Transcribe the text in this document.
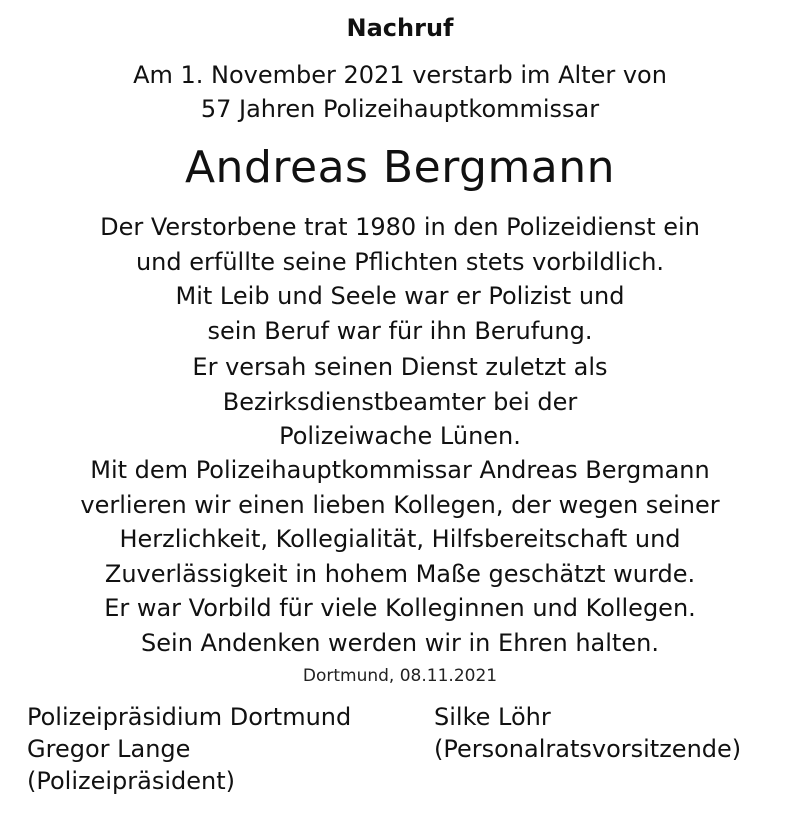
Nachruf
Am 1. November 2021 verstarb im Alter von
57 Jahren Polizeihauptkommissar
Andreas Bergmann
Der Verstorbene trat 1980 in den Polizeidienst ein
und erfüllte seine Pflichten stets vorbildlich.
Mit Leib und Seele war er Polizist und
sein Beruf war für ihn Berufung.
Er versah seinen Dienst zuletzt als
Bezirksdienstbeamter bei der
Polizeiwache Lünen.
Mit dem Polizeihauptkommissar Andreas Bergmann
verlieren wir einen lieben Kollegen, der wegen seiner
Herzlichkeit, Kollegialität, Hilfsbereitschaft und
Zuverlässigkeit in hohem Maße geschätzt wurde.
Er war Vorbild für viele Kolleginnen und Kollegen.
Sein Andenken werden wir in Ehren halten.
Dortmund, 08.11.2021
Polizeipräsidium Dortmund
Gregor Lange
(Polizeipräsident)
Silke Löhr
(Personalratsvorsitzende)
